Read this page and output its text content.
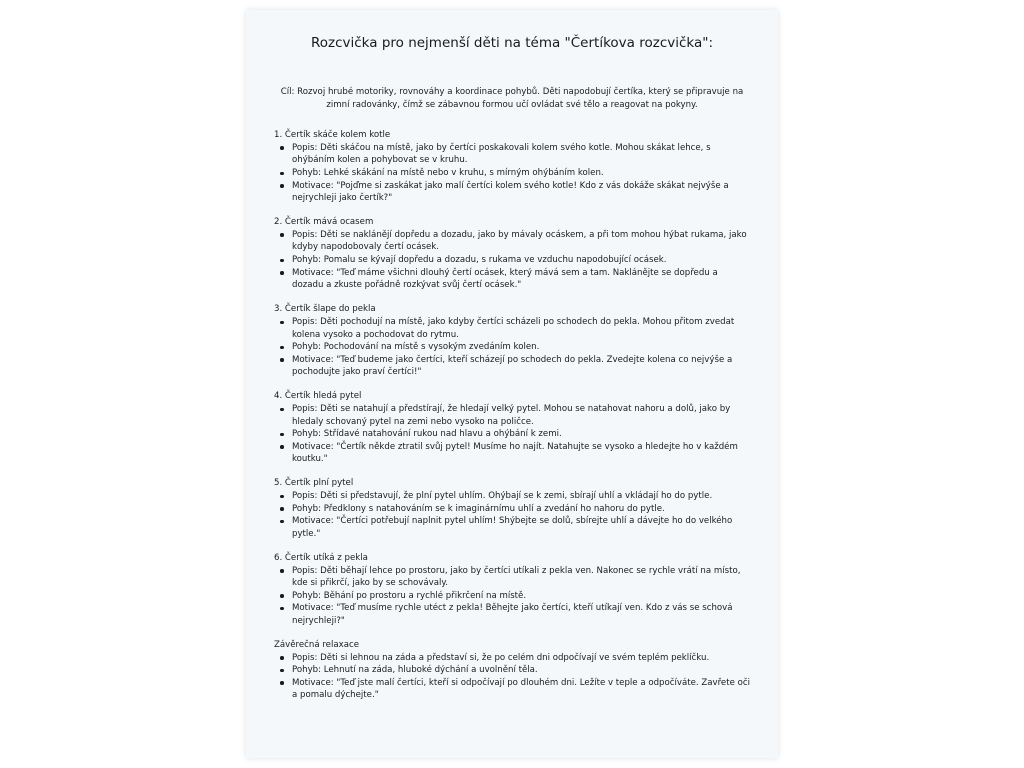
Rozcvička pro nejmenší děti na téma "Čertíkova rozcvička":

Cíl: Rozvoj hrubé motoriky, rovnováhy a koordinace pohybů. Děti napodobují čertíka, který se připravuje na zimní radovánky, čímž se zábavnou formou učí ovládat své tělo a reagovat na pokyny.

1. Čertík skáče kolem kotle

Popis: Děti skáčou na místě, jako by čertíci poskakovali kolem svého kotle. Mohou skákat lehce, s ohýbáním kolen a pohybovat se v kruhu.
Pohyb: Lehké skákání na místě nebo v kruhu, s mírným ohýbáním kolen.
Motivace: "Pojďme si zaskákat jako malí čertíci kolem svého kotle! Kdo z vás dokáže skákat nejvýše a nejrychleji jako čertík?"

2. Čertík mává ocasem

Popis: Děti se naklánějí dopředu a dozadu, jako by mávaly ocáskem, a při tom mohou hýbat rukama, jako kdyby napodobovaly čertí ocásek.
Pohyb: Pomalu se kývají dopředu a dozadu, s rukama ve vzduchu napodobující ocásek.
Motivace: "Teď máme všichni dlouhý čertí ocásek, který mává sem a tam. Naklánějte se dopředu a dozadu a zkuste pořádně rozkývat svůj čertí ocásek."

3. Čertík šlape do pekla

Popis: Děti pochodují na místě, jako kdyby čertíci scházeli po schodech do pekla. Mohou přitom zvedat kolena vysoko a pochodovat do rytmu.
Pohyb: Pochodování na místě s vysokým zvedáním kolen.
Motivace: "Teď budeme jako čertíci, kteří scházejí po schodech do pekla. Zvedejte kolena co nejvýše a pochodujte jako praví čertíci!"

4. Čertík hledá pytel

Popis: Děti se natahují a předstírají, že hledají velký pytel. Mohou se natahovat nahoru a dolů, jako by hledaly schovaný pytel na zemi nebo vysoko na poličce.
Pohyb: Střídavé natahování rukou nad hlavu a ohýbání k zemi.
Motivace: "Čertík někde ztratil svůj pytel! Musíme ho najít. Natahujte se vysoko a hledejte ho v každém koutku."

5. Čertík plní pytel

Popis: Děti si představují, že plní pytel uhlím. Ohýbají se k zemi, sbírají uhlí a vkládají ho do pytle.
Pohyb: Předklony s natahováním se k imaginárnímu uhlí a zvedání ho nahoru do pytle.
Motivace: "Čertíci potřebují naplnit pytel uhlím! Shýbejte se dolů, sbírejte uhlí a dávejte ho do velkého pytle."

6. Čertík utíká z pekla

Popis: Děti běhají lehce po prostoru, jako by čertíci utíkali z pekla ven. Nakonec se rychle vrátí na místo, kde si přikrčí, jako by se schovávaly.
Pohyb: Běhání po prostoru a rychlé přikrčení na místě.
Motivace: "Teď musíme rychle utéct z pekla! Běhejte jako čertíci, kteří utíkají ven. Kdo z vás se schová nejrychleji?"

Závěrečná relaxace

Popis: Děti si lehnou na záda a představí si, že po celém dni odpočívají ve svém teplém peklíčku.
Pohyb: Lehnutí na záda, hluboké dýchání a uvolnění těla.
Motivace: "Teď jste malí čertíci, kteří si odpočívají po dlouhém dni. Ležíte v teple a odpočíváte. Zavřete oči a pomalu dýchejte."
